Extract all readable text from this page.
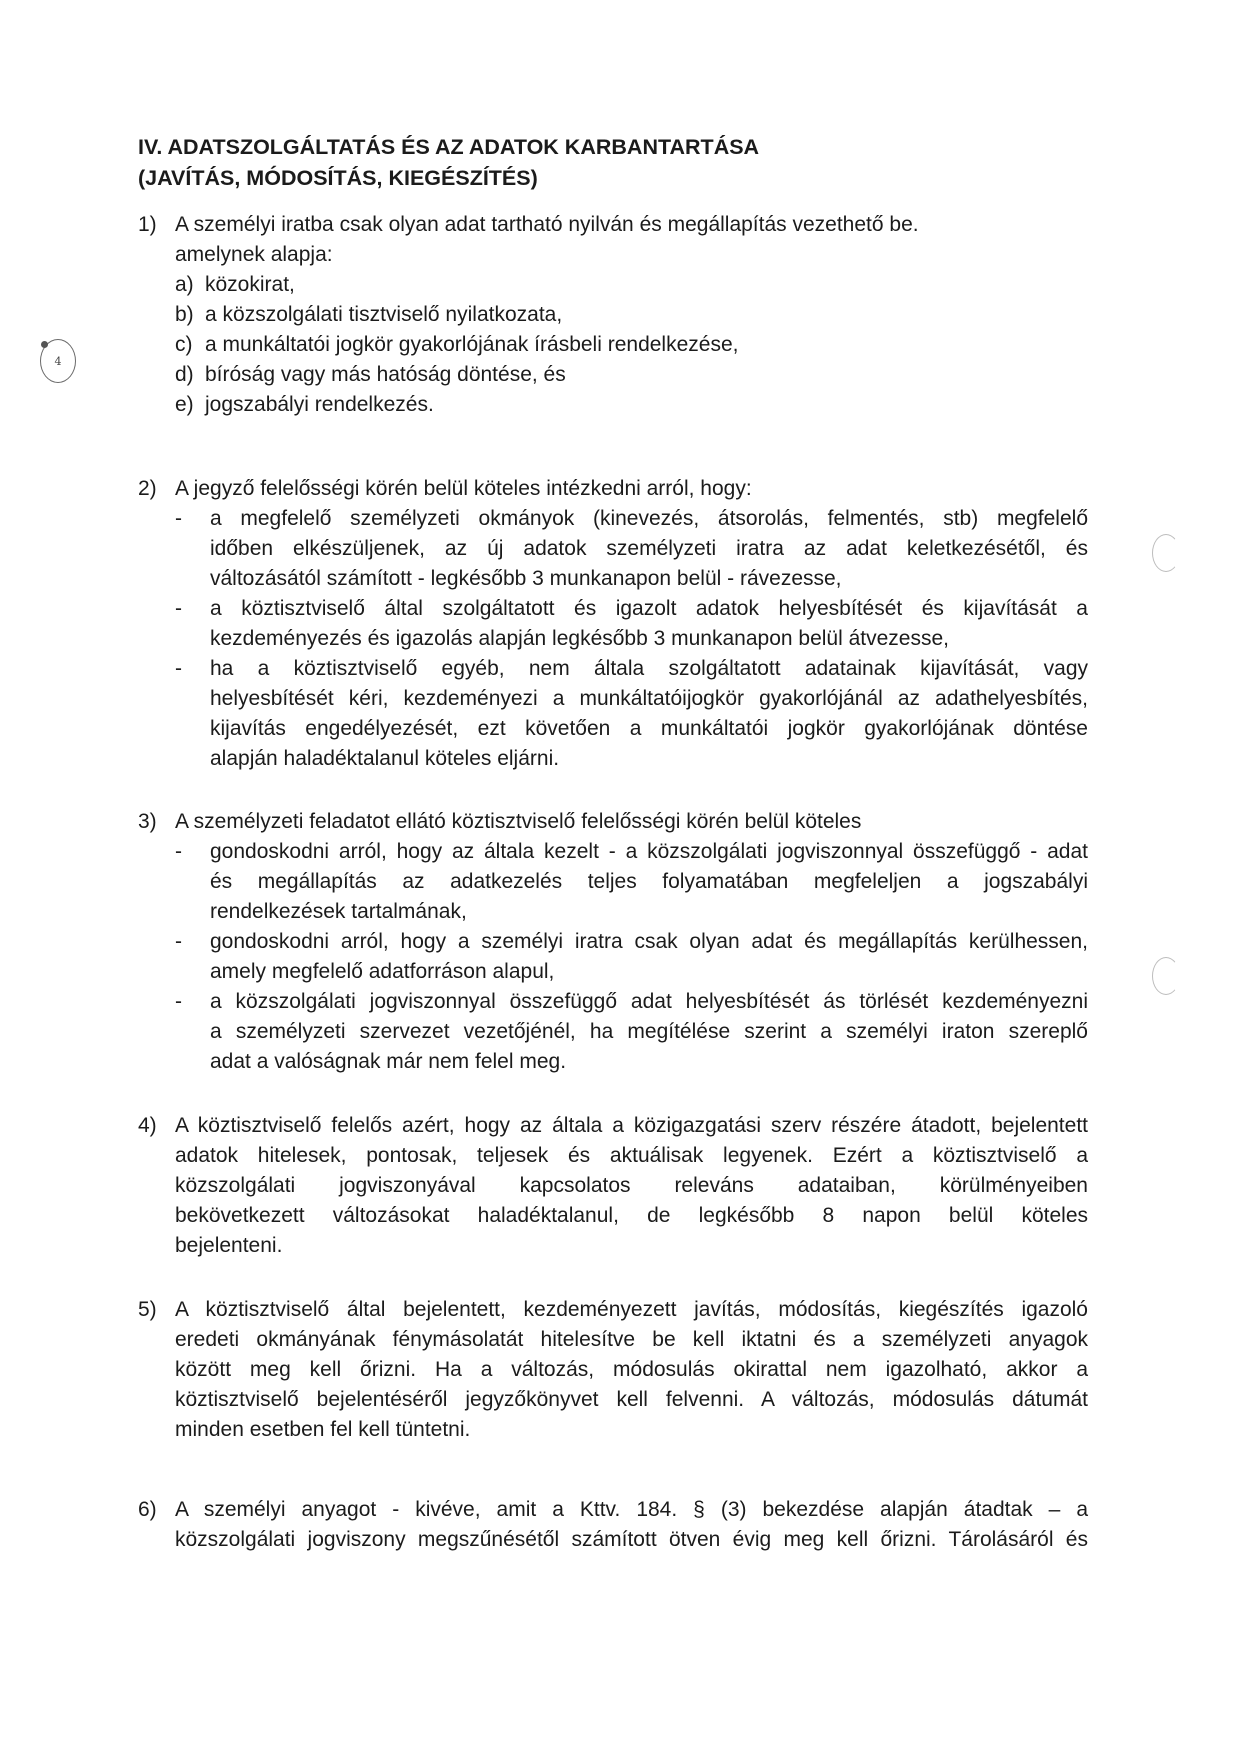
IV. ADATSZOLGÁLTATÁS ÉS AZ ADATOK KARBANTARTÁSA
(JAVÍTÁS, MÓDOSÍTÁS, KIEGÉSZÍTÉS)
4
1) A személyi iratba csak olyan adat tartható nyilván és megállapítás vezethető be.
amelynek alapja:
a) közokirat,
b) a közszolgálati tisztviselő nyilatkozata,
c) a munkáltatói jogkör gyakorlójának írásbeli rendelkezése,
d) bíróság vagy más hatóság döntése, és
e) jogszabályi rendelkezés.
2) A jegyző felelősségi körén belül köteles intézkedni arról, hogy:
- a megfelelő személyzeti okmányok (kinevezés, átsorolás, felmentés, stb) megfelelő
időben elkészüljenek, az új adatok személyzeti iratra az adat keletkezésétől, és
változásától számított - legkésőbb 3 munkanapon belül - rávezesse,
- a köztisztviselő által szolgáltatott és igazolt adatok helyesbítését és kijavítását a
kezdeményezés és igazolás alapján legkésőbb 3 munkanapon belül átvezesse,
- ha a köztisztviselő egyéb, nem általa szolgáltatott adatainak kijavítását, vagy
helyesbítését kéri, kezdeményezi a munkáltatóijogkör gyakorlójánál az adathelyesbítés,
kijavítás engedélyezését, ezt követően a munkáltatói jogkör gyakorlójának döntése
alapján haladéktalanul köteles eljárni.
3) A személyzeti feladatot ellátó köztisztviselő felelősségi körén belül köteles
- gondoskodni arról, hogy az általa kezelt - a közszolgálati jogviszonnyal összefüggő - adat
és megállapítás az adatkezelés teljes folyamatában megfeleljen a jogszabályi
rendelkezések tartalmának,
- gondoskodni arról, hogy a személyi iratra csak olyan adat és megállapítás kerülhessen,
amely megfelelő adatforráson alapul,
- a közszolgálati jogviszonnyal összefüggő adat helyesbítését ás törlését kezdeményezni
a személyzeti szervezet vezetőjénél, ha megítélése szerint a személyi iraton szereplő
adat a valóságnak már nem felel meg.
4) A köztisztviselő felelős azért, hogy az általa a közigazgatási szerv részére átadott, bejelentett
adatok hitelesek, pontosak, teljesek és aktuálisak legyenek. Ezért a köztisztviselő a
közszolgálati jogviszonyával kapcsolatos releváns adataiban, körülményeiben
bekövetkezett változásokat haladéktalanul, de legkésőbb 8 napon belül köteles
bejelenteni.
5) A köztisztviselő által bejelentett, kezdeményezett javítás, módosítás, kiegészítés igazoló
eredeti okmányának fénymásolatát hitelesítve be kell iktatni és a személyzeti anyagok
között meg kell őrizni. Ha a változás, módosulás okirattal nem igazolható, akkor a
köztisztviselő bejelentéséről jegyzőkönyvet kell felvenni. A változás, módosulás dátumát
minden esetben fel kell tüntetni.
6) A személyi anyagot - kivéve, amit a Kttv. 184. § (3) bekezdése alapján átadtak – a
közszolgálati jogviszony megszűnésétől számított ötven évig meg kell őrizni. Tárolásáról és
